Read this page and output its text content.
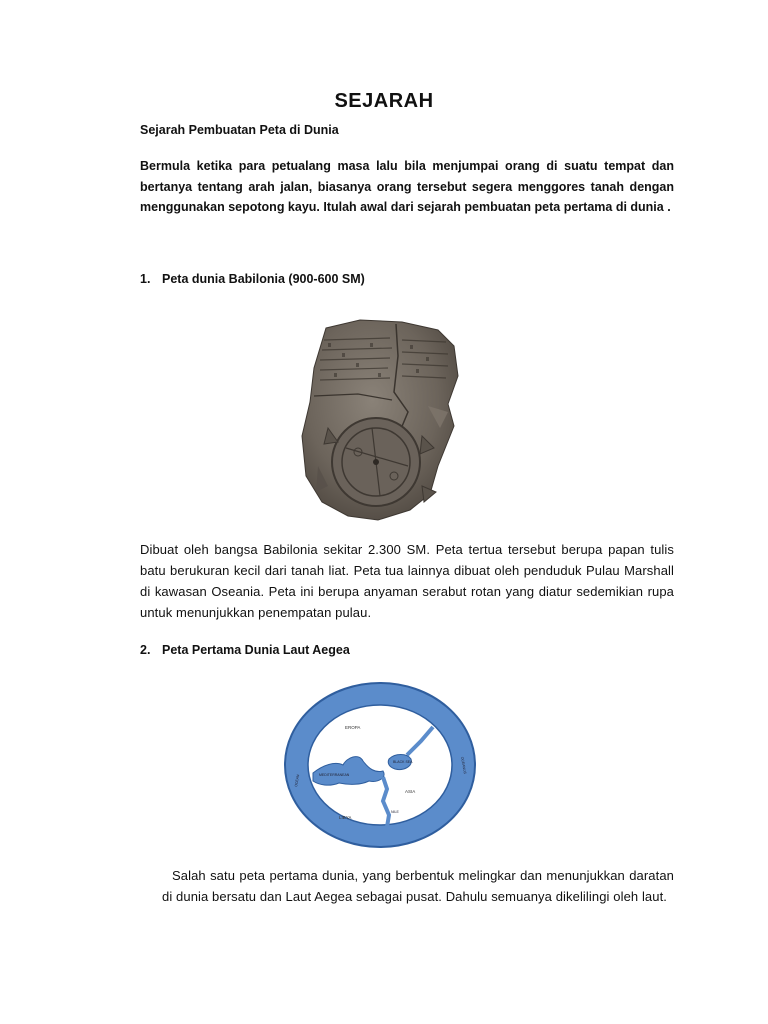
SEJARAH
Sejarah Pembuatan Peta di Dunia
Bermula ketika para petualang masa lalu bila menjumpai orang di suatu tempat dan bertanya tentang arah jalan, biasanya orang tersebut segera menggores tanah dengan menggunakan sepotong kayu. Itulah awal dari sejarah pembuatan peta pertama di dunia .
1. Peta dunia Babilonia (900-600 SM)
Dibuat oleh bangsa Babilonia sekitar 2.300 SM. Peta tertua tersebut berupa papan tulis batu berukuran kecil dari tanah liat. Peta tua lainnya dibuat oleh penduduk Pulau Marshall di kawasan Oseania. Peta ini berupa anyaman serabut rotan yang diatur sedemikian rupa untuk menunjukkan penempatan pulau.
2. Peta Pertama Dunia Laut Aegea
EROPA
BLACK SEA
MEDITERRANEAN
ASIA
LIBYA
NILE
OCEAN
OCEANUS
Salah satu peta pertama dunia, yang berbentuk melingkar dan menunjukkan daratan di dunia bersatu dan Laut Aegea sebagai pusat. Dahulu semuanya dikelilingi oleh laut.
